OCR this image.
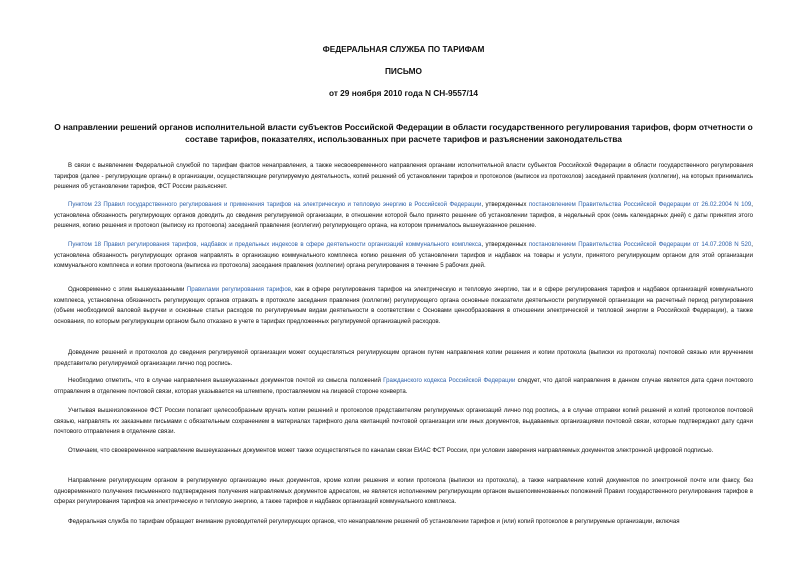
ФЕДЕРАЛЬНАЯ СЛУЖБА ПО ТАРИФАМ
ПИСЬМО
от 29 ноября 2010 года N СН-9557/14
О направлении решений органов исполнительной власти субъектов Российской Федерации в области государственного регулирования тарифов, форм отчетности о составе тарифов, показателях, использованных при расчете тарифов и разъяснении законодательства
В связи с выявлением Федеральной службой по тарифам фактов ненаправления, а также несвоевременного направления органами исполнительной власти субъектов Российской Федерации в области государственного регулирования тарифов (далее - регулирующие органы) в организации, осуществляющие регулируемую деятельность, копий решений об установлении тарифов и протоколов (выписок из протоколов) заседаний правления (коллегии), на которых принимались решения об установлении тарифов, ФСТ России разъясняет.
Пунктом 23 Правил государственного регулирования и применения тарифов на электрическую и тепловую энергию в Российской Федерации, утвержденных постановлением Правительства Российской Федерации от 26.02.2004 N 109, установлена обязанность регулирующих органов доводить до сведения регулируемой организации, в отношении которой было принято решение об установлении тарифов, в недельный срок (семь календарных дней) с даты принятия этого решения, копию решения и протокол (выписку из протокола) заседаний правления (коллегии) регулирующего органа, на котором принималось вышеуказанное решение.
Пунктом 18 Правил регулирования тарифов, надбавок и предельных индексов в сфере деятельности организаций коммунального комплекса, утвержденных постановлением Правительства Российской Федерации от 14.07.2008 N 520, установлена обязанность регулирующих органов направлять в организацию коммунального комплекса копию решения об установлении тарифов и надбавок на товары и услуги, принятого регулирующим органом для этой организации коммунального комплекса и копии протокола (выписка из протокола) заседания правления (коллегии) органа регулирования в течение 5 рабочих дней.
Одновременно с этим вышеуказанными Правилами регулирования тарифов, как в сфере регулирования тарифов на электрическую и тепловую энергию, так и в сфере регулирования тарифов и надбавок организаций коммунального комплекса, установлена обязанность регулирующих органов отражать в протоколе заседания правления (коллегии) регулирующего органа основные показатели деятельности регулируемой организации на расчетный период регулирования (объем необходимой валовой выручки и основные статьи расходов по регулируемым видам деятельности в соответствии с Основами ценообразования в отношении электрической и тепловой энергии в Российской Федерации), а также основания, по которым регулирующим органом было отказано в учете в тарифах предложенных регулируемой организацией расходов.
Доведение решений и протоколов до сведения регулируемой организации может осуществляться регулирующим органом путем направления копии решения и копии протокола (выписки из протокола) почтовой связью или вручением представителю регулируемой организации лично под роспись.
Необходимо отметить, что в случае направления вышеуказанных документов почтой из смысла положений Гражданского кодекса Российской Федерации следует, что датой направления в данном случае является дата сдачи почтового отправления в отделение почтовой связи, которая указывается на штемпеле, проставляемом на лицевой стороне конверта.
Учитывая вышеизложенное ФСТ России полагает целесообразным вручать копии решений и протоколов представителям регулируемых организаций лично под роспись, а в случае отправки копий решений и копий протоколов почтовой связью, направлять их заказными письмами с обязательным сохранением в материалах тарифного дела квитанций почтовой организации или иных документов, выдаваемых организациями почтовой связи, которые подтверждают дату сдачи почтового отправления в отделение связи.
Отмечаем, что своевременное направление вышеуказанных документов может также осуществляться по каналам связи ЕИАС ФСТ России, при условии заверения направляемых документов электронной цифровой подписью.
Направление регулирующим органом в регулируемую организацию иных документов, кроме копии решения и копии протокола (выписки из протокола), а также направление копий документов по электронной почте или факсу, без одновременного получения письменного подтверждения получения направляемых документов адресатом, не является исполнением регулирующим органом вышепоименованных положений Правил государственного регулирования тарифов в сферах регулирования тарифов на электрическую и тепловую энергию, а также тарифов и надбавок организаций коммунального комплекса.
Федеральная служба по тарифам обращает внимание руководителей регулирующих органов, что ненаправление решений об установлении тарифов и (или) копий протоколов в регулируемые организации, включая
